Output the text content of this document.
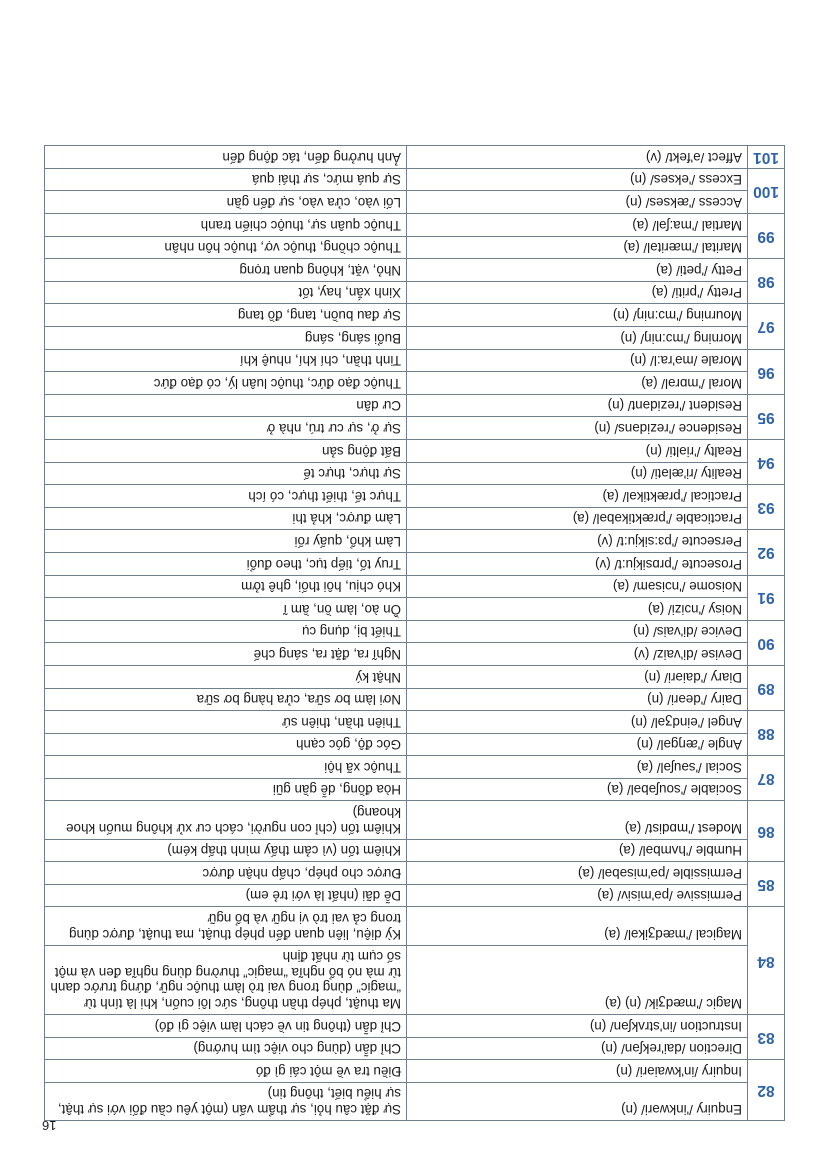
16
82	Enquiry /'inkwəri/ (n)	Sự đặt câu hỏi, sự thẩm vấn (một yêu cầu đối với sự thật, sự hiểu biết, thông tin)
	Inquiry /in'kwaiəri/ (n)	Điều tra về một cái gì đó
83	Direction /dai'rekʃən/ (n)	Chỉ dẫn (dùng cho việc tìm hướng)
	Instruction /in'strʌkʃən/ (n)	Chỉ dẫn (thông tin về cách làm việc gì đó)
84	Magic /'mædʒik/ (n) (a)	Ma thuật, phép thần thông, sức lôi cuốn, khi là tính từ “magic” dùng trong vai trò làm thuộc ngữ, đứng trước danh từ mà nó bổ nghĩa “magic” thường dùng nghĩa đen và một số cụm từ nhất định
	Magical /'mædʒikəl/ (a)	Kỳ diệu, liên quan đến phép thuật, ma thuật, được dùng trong cả vai trò vị ngữ và bổ ngữ
85	Permissive /pə'misiv/ (a)	Dễ dãi (nhất là với trẻ em)
	Permissible /pə'misəbəl/ (a)	Được cho phép, chấp nhận được
86	Humble /'hʌmbəl/ (a)	Khiêm tốn (vì cảm thấy mình thấp kém)
	Modest /'mɒdist/ (a)	Khiêm tốn (chỉ con người, cách cư xử không muốn khoe khoang)
87	Sociable /'souʃəbəl/ (a)	Hòa đồng, dễ gần gũi
	Social /'səuʃəl/ (a)	Thuộc xã hội
88	Angle /'æŋgəl/ (n)	Góc độ, góc cạnh
	Angel /'eindʒəl/ (n)	Thiên thần, thiên sứ
89	Dairy /'deəri/ (n)	Nơi làm bơ sữa, cửa hàng bơ sữa
	Diary /'daiəri/ (n)	Nhật ký
90	Devise /di'vaiz/ (v)	Nghĩ ra, đặt ra, sáng chế
	Device /di'vais/ (n)	Thiết bị, dụng cụ
91	Noisy /'nɔizi/ (a)	Ồn ào, làm ồn, ầm ĩ
	Noisome /'nɔisəm/ (a)	Khó chịu, hôi thối, ghê tởm
92	Prosecute /'prɒsikju:t/ (v)	Truy tố, tiếp tục, theo đuổi
	Persecute /'pɜ:sikju:t/ (v)	Làm khổ, quấy rối
93	Practicable /'præktikəbəl/ (a)	Làm được, khả thi
	Practical /'præktikəl/ (a)	Thực tế, thiết thực, có ích
94	Reality /ri'æləti/ (n)	Sự thực, thực tế
	Realty /'riəlti/ (n)	Bất động sản
95	Residence /'rezidəns/ (n)	Sự ở, sự cư trú, nhà ở
	Resident /'rezidənt/ (n)	Cư dân
96	Moral /'mɒrəl/ (a)	Thuộc đạo đức, thuộc luân lý, có đạo đức
	Morale /mə'ra:l/ (n)	Tinh thần, chí khí, nhuệ khí
97	Morning /'mɔ:niŋ/ (n)	Buổi sáng, sáng
	Mourning /'mɔ:niŋ/ (n)	Sự đau buồn, tang, đồ tang
98	Pretty /'priti/ (a)	Xinh xắn, hay, tốt
	Petty /'peti/ (a)	Nhỏ, vặt, không quan trọng
99	Marital /'mæritəl/ (a)	Thuộc chồng, thuộc vợ, thuộc hôn nhân
	Martial /'ma:ʃəl/ (a)	Thuộc quân sự, thuộc chiến tranh
100	Access /'ækses/ (n)	Lối vào, cửa vào, sự đến gần
	Excess /'ekses/ (n)	Sự quá mức, sự thái quá
101	Affect /ə'fekt/ (v)	Ảnh hưởng đến, tác động đến
